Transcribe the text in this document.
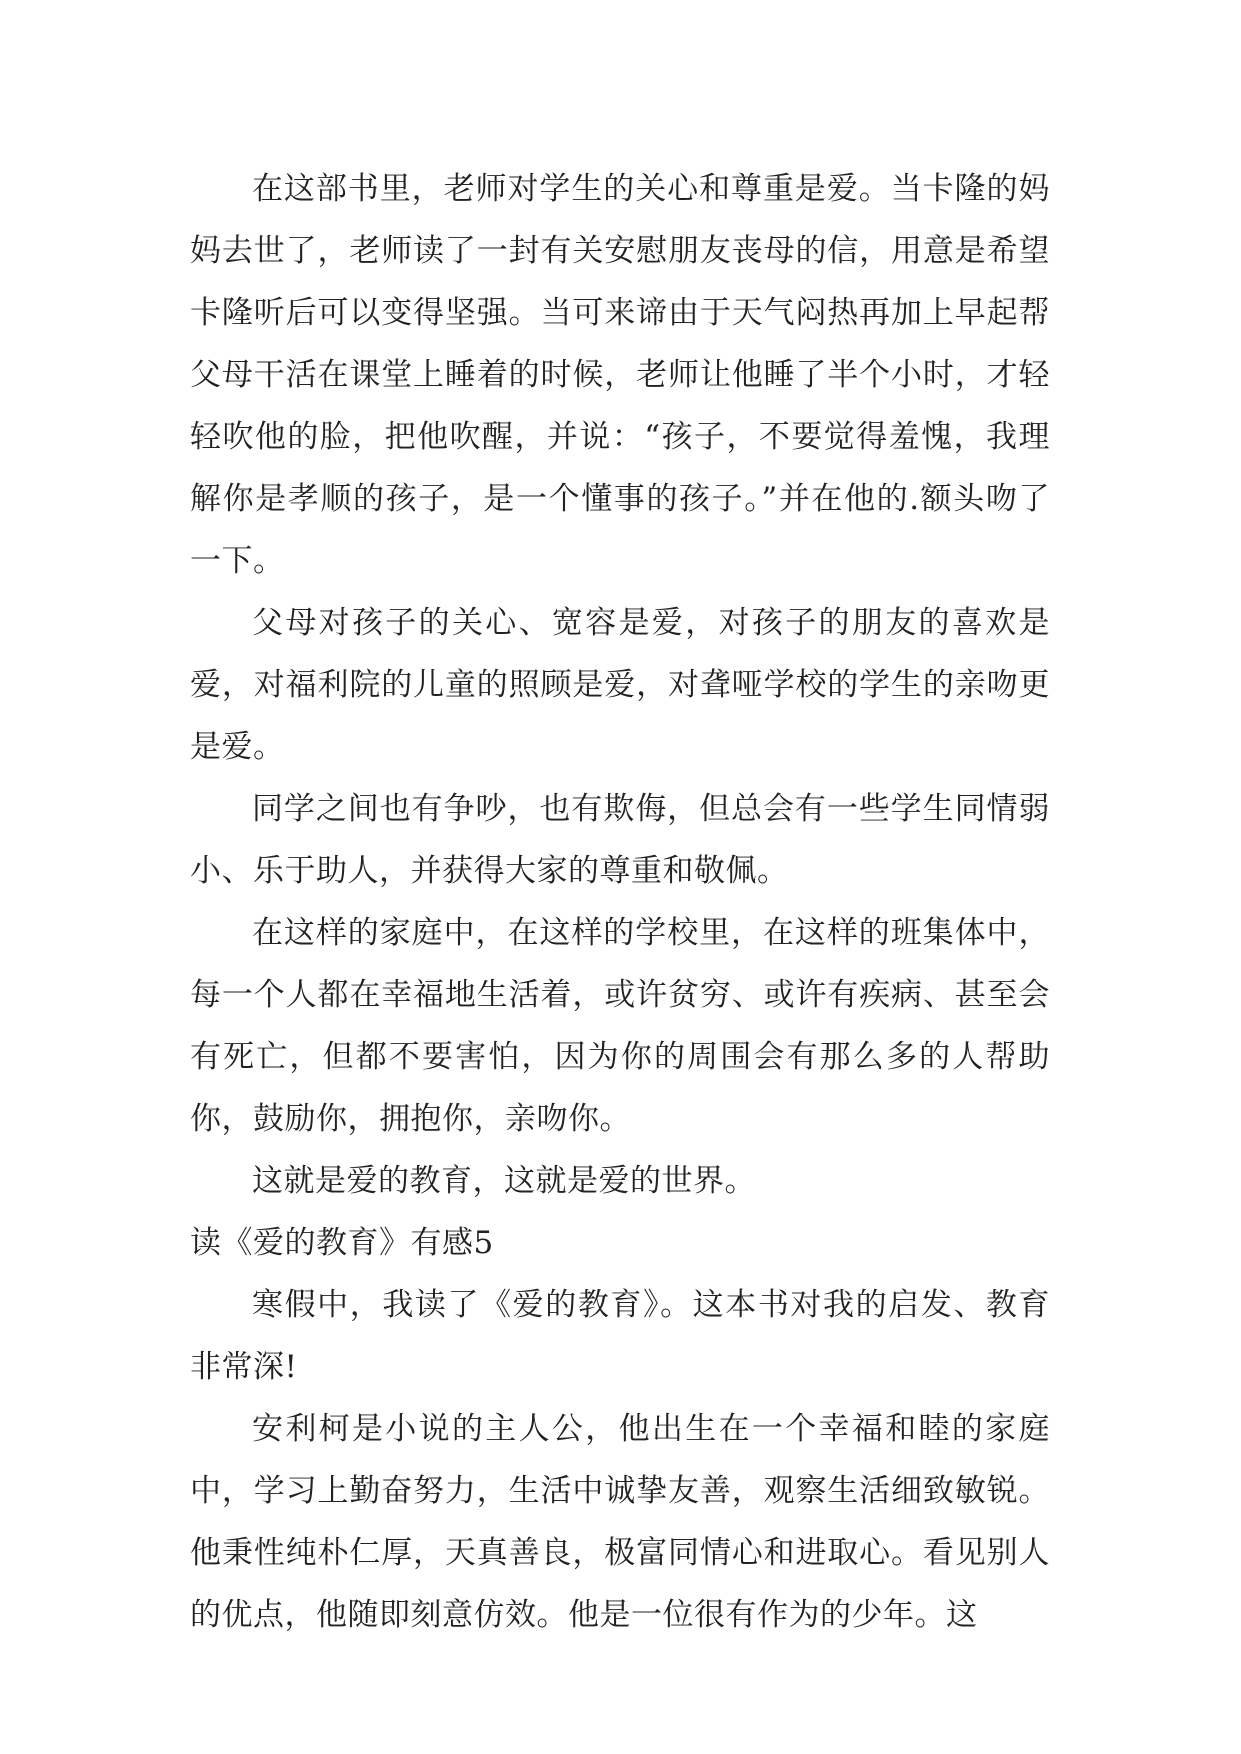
在这部书里，老师对学生的关心和尊重是爱。当卡隆的妈妈去世了，老师读了一封有关安慰朋友丧母的信，用意是希望卡隆听后可以变得坚强。当可来谛由于天气闷热再加上早起帮父母干活在课堂上睡着的时候，老师让他睡了半个小时，才轻轻吹他的脸，把他吹醒，并说：“孩子，不要觉得羞愧，我理解你是孝顺的孩子，是一个懂事的孩子。”并在他的.额头吻了一下。

父母对孩子的关心、宽容是爱，对孩子的朋友的喜欢是爱，对福利院的儿童的照顾是爱，对聋哑学校的学生的亲吻更是爱。

同学之间也有争吵，也有欺侮，但总会有一些学生同情弱小、乐于助人，并获得大家的尊重和敬佩。

在这样的家庭中，在这样的学校里，在这样的班集体中，每一个人都在幸福地生活着，或许贫穷、或许有疾病、甚至会有死亡，但都不要害怕，因为你的周围会有那么多的人帮助你，鼓励你，拥抱你，亲吻你。

这就是爱的教育，这就是爱的世界。

读《爱的教育》有感5

寒假中，我读了《爱的教育》。这本书对我的启发、教育非常深!

安利柯是小说的主人公，他出生在一个幸福和睦的家庭中，学习上勤奋努力，生活中诚挚友善，观察生活细致敏锐。他秉性纯朴仁厚，天真善良，极富同情心和进取心。看见别人的优点，他随即刻意仿效。他是一位很有作为的少年。这
